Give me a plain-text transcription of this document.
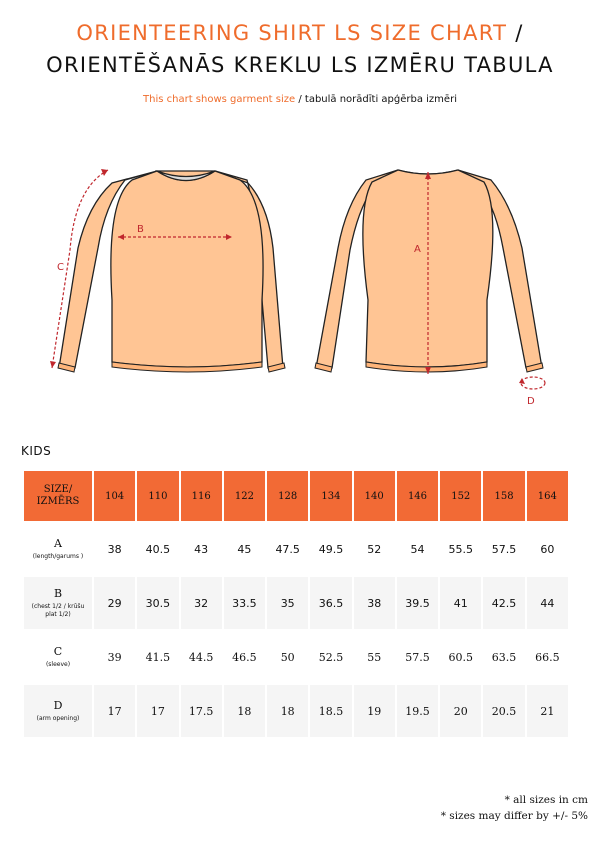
ORIENTEERING SHIRT LS SIZE CHART /
ORIENTĒŠANĀS KREKLU LS IZMĒRU TABULA
This chart shows garment size / tabulā norādīti apģērba izmēri
B
C
A
D
KIDS
SIZE/
IZMĒRS	104	110	116	122	128	134	140	146	152	158	164
A
(length/garums )	38	40.5	43	45	47.5	49.5	52	54	55.5	57.5	60
B
(chest 1/2 / krūšu plat 1/2)	29	30.5	32	33.5	35	36.5	38	39.5	41	42.5	44
C
(sleeve)	39	41.5	44.5	46.5	50	52.5	55	57.5	60.5	63.5	66.5
D
(arm opening)	17	17	17.5	18	18	18.5	19	19.5	20	20.5	21
* all sizes in cm
* sizes may differ by +/- 5%
